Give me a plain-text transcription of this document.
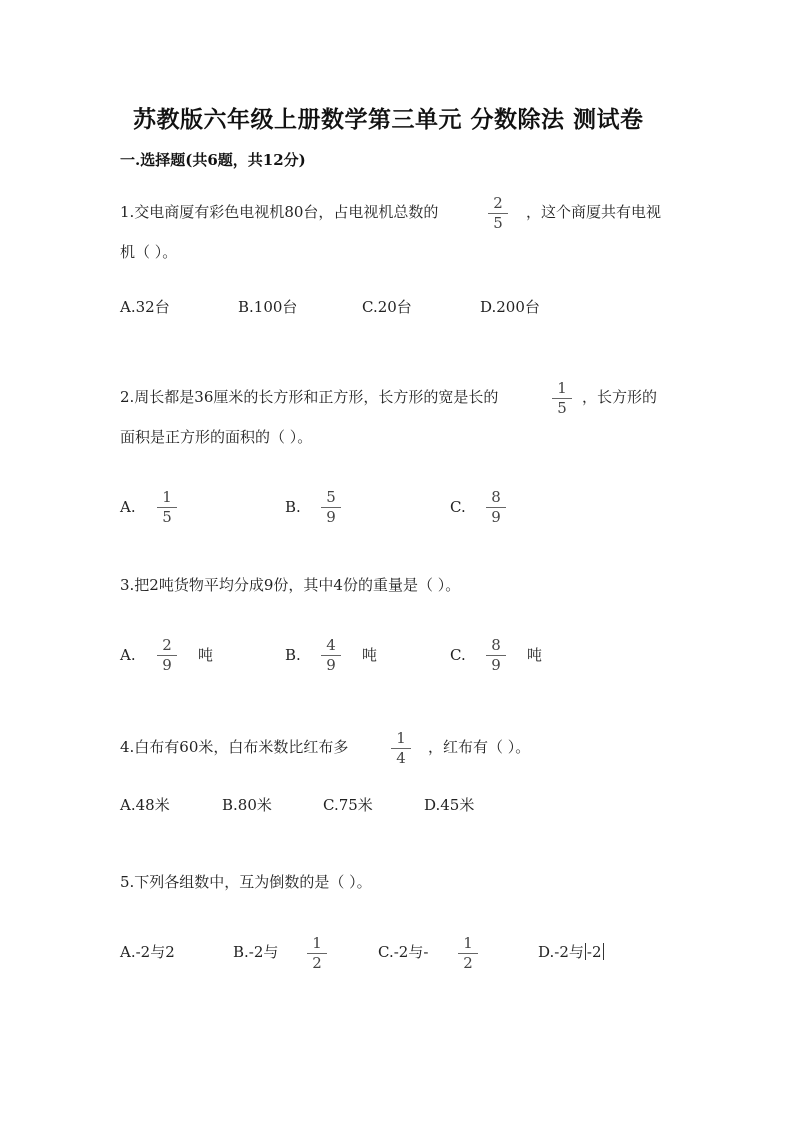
苏教版六年级上册数学第三单元 分数除法 测试卷
一.选择题(共6题，共12分)
1.交电商厦有彩色电视机80台，占电视机总数的	2
5
，这个商厦共有电视
机（ ）。
A.32台	B.100台	C.20台	D.200台
2.周长都是36厘米的长方形和正方形，长方形的宽是长的	1
5
，长方形的
面积是正方形的面积的（ ）。
A.
1
5
B.
5
9
C.
8
9
3.把2吨货物平均分成9份，其中4份的重量是（ ）。
A.
2
9
吨	B.
4
9
吨	C.
8
9
吨
4.白布有60米，白布米数比红布多	1
4
，红布有（ ）。
A.48米	B.80米	C.75米	D.45米
5.下列各组数中，互为倒数的是（ ）。
A.-2与2	B.-2与	1
2
C.-2与-	1
2
D.-2与 -2
